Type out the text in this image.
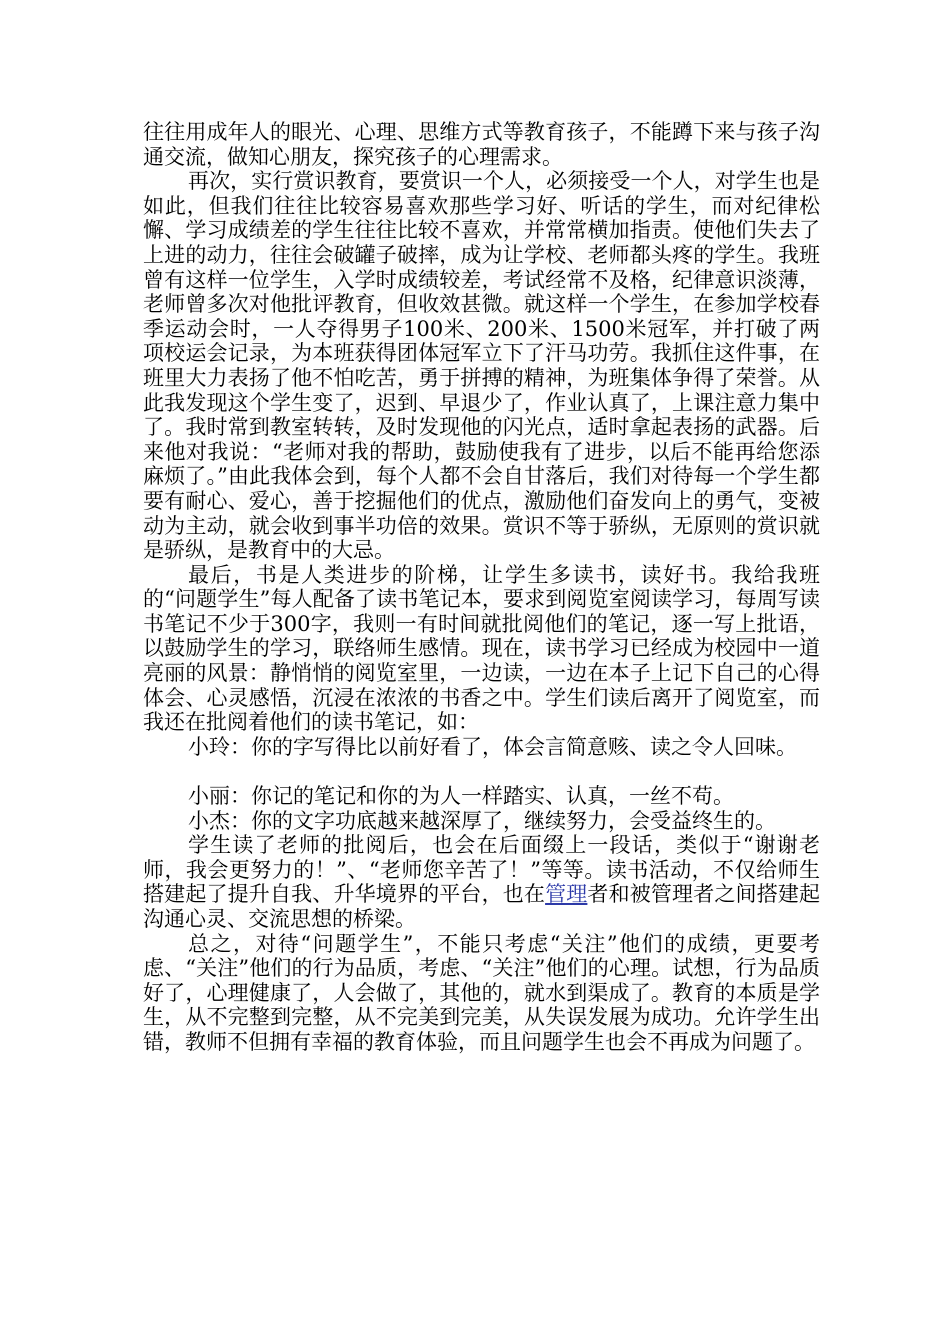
往往用成年人的眼光、心理、思维方式等教育孩子，不能蹲下来与孩子沟通交流，做知心朋友，探究孩子的心理需求。

再次，实行赏识教育，要赏识一个人，必须接受一个人，对学生也是如此，但我们往往比较容易喜欢那些学习好、听话的学生，而对纪律松懈、学习成绩差的学生往往比较不喜欢，并常常横加指责。使他们失去了上进的动力，往往会破罐子破摔，成为让学校、老师都头疼的学生。我班曾有这样一位学生，入学时成绩较差，考试经常不及格，纪律意识淡薄，老师曾多次对他批评教育，但收效甚微。就这样一个学生，在参加学校春季运动会时，一人夺得男子100米、200米、1500米冠军，并打破了两项校运会记录，为本班获得团体冠军立下了汗马功劳。我抓住这件事，在班里大力表扬了他不怕吃苦，勇于拼搏的精神，为班集体争得了荣誉。从此我发现这个学生变了，迟到、早退少了，作业认真了，上课注意力集中了。我时常到教室转转，及时发现他的闪光点，适时拿起表扬的武器。后来他对我说：“老师对我的帮助，鼓励使我有了进步，以后不能再给您添麻烦了。”由此我体会到，每个人都不会自甘落后，我们对待每一个学生都要有耐心、爱心，善于挖掘他们的优点，激励他们奋发向上的勇气，变被动为主动，就会收到事半功倍的效果。赏识不等于骄纵，无原则的赏识就是骄纵，是教育中的大忌。

最后，书是人类进步的阶梯，让学生多读书，读好书。我给我班的“问题学生”每人配备了读书笔记本，要求到阅览室阅读学习，每周写读书笔记不少于300字，我则一有时间就批阅他们的笔记，逐一写上批语，以鼓励学生的学习，联络师生感情。现在，读书学习已经成为校园中一道亮丽的风景：静悄悄的阅览室里，一边读，一边在本子上记下自己的心得体会、心灵感悟，沉浸在浓浓的书香之中。学生们读后离开了阅览室，而我还在批阅着他们的读书笔记，如：

小玲：你的字写得比以前好看了，体会言简意赅、读之令人回味。

小丽：你记的笔记和你的为人一样踏实、认真，一丝不苟。

小杰：你的文字功底越来越深厚了，继续努力，会受益终生的。

学生读了老师的批阅后，也会在后面缀上一段话，类似于“谢谢老师，我会更努力的！”、“老师您辛苦了！”等等。读书活动，不仅给师生搭建起了提升自我、升华境界的平台，也在管理者和被管理者之间搭建起沟通心灵、交流思想的桥梁。

总之，对待“问题学生”，不能只考虑“关注”他们的成绩，更要考虑、“关注”他们的行为品质，考虑、“关注”他们的心理。试想，行为品质好了，心理健康了，人会做了，其他的，就水到渠成了。教育的本质是学生，从不完整到完整，从不完美到完美，从失误发展为成功。允许学生出错，教师不但拥有幸福的教育体验，而且问题学生也会不再成为问题了。
